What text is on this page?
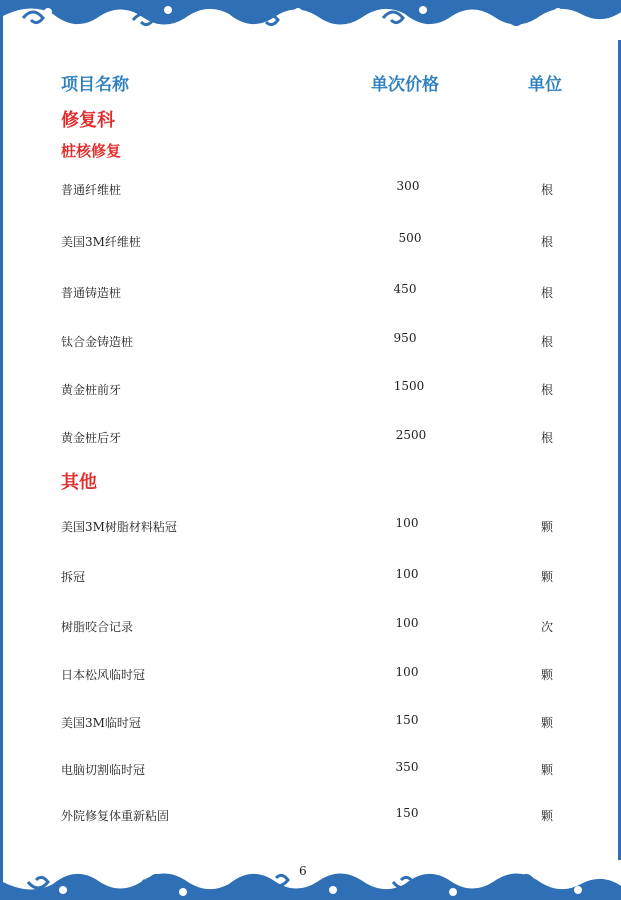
项目名称	单次价格	单位
修复科
桩核修复
普通纤维桩	300	根
美国3M纤维桩	500	根
普通铸造桩	450	根
钛合金铸造桩	950	根
黄金桩前牙	1500	根
黄金桩后牙	2500	根
其他
美国3M树脂材料粘冠	100	颗
拆冠	100	颗
树脂咬合记录	100	次
日本松风临时冠	100	颗
美国3M临时冠	150	颗
电脑切割临时冠	350	颗
外院修复体重新粘固	150	颗
6
